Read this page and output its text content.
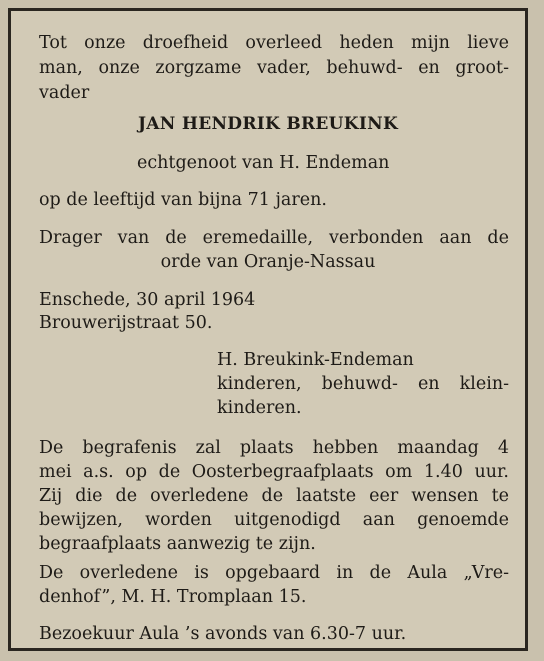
Tot onze droefheid overleed heden mijn lieve
man, onze zorgzame vader, behuwd- en groot-
vader
JAN HENDRIK BREUKINK
echtgenoot van H. Endeman
op de leeftijd van bijna 71 jaren.
Drager van de eremedaille, verbonden aan de
orde van Oranje-Nassau
Enschede, 30 april 1964
Brouwerijstraat 50.
H. Breukink-Endeman
kinderen, behuwd- en klein-
kinderen.
De begrafenis zal plaats hebben maandag 4
mei a.s. op de Oosterbegraafplaats om 1.40 uur.
Zij die de overledene de laatste eer wensen te
bewijzen, worden uitgenodigd aan genoemde
begraafplaats aanwezig te zijn.
De overledene is opgebaard in de Aula „Vre-
denhof”, M. H. Tromplaan 15.
Bezoekuur Aula ’s avonds van 6.30-7 uur.
